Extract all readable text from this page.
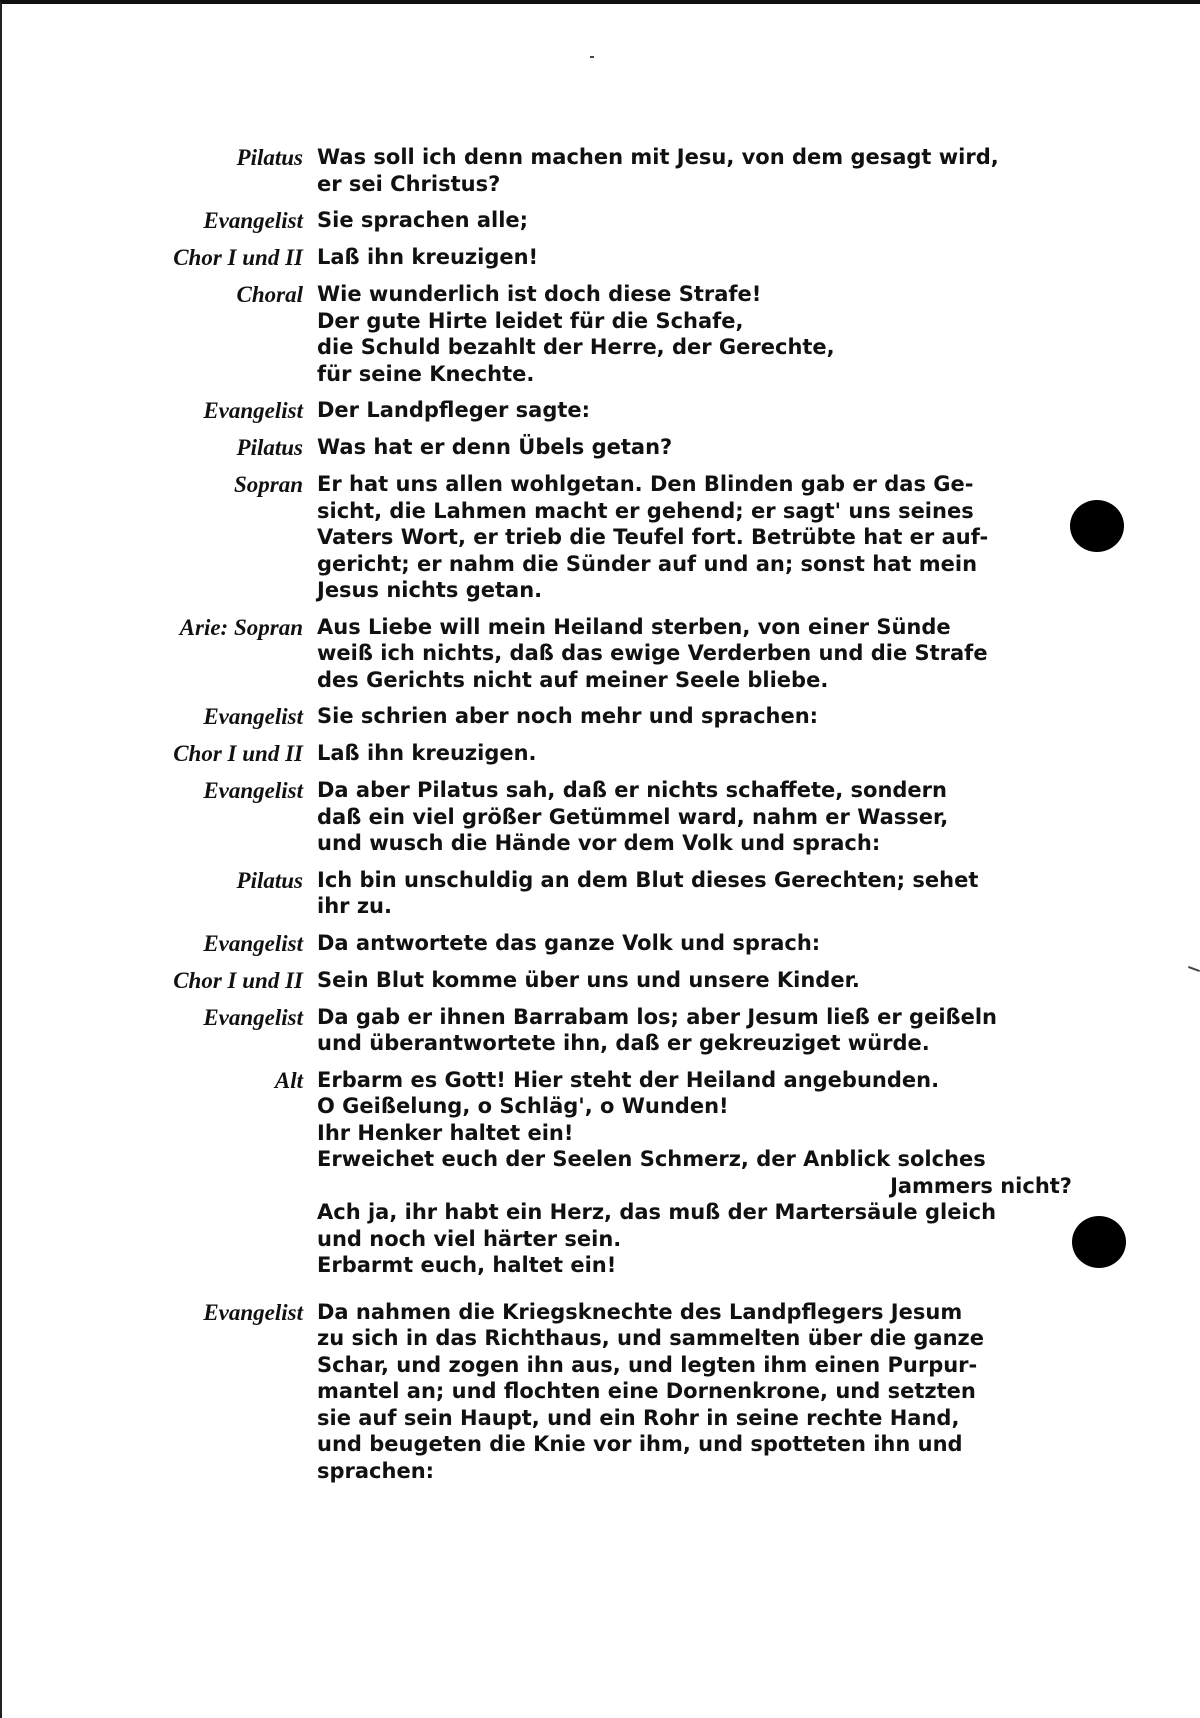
Pilatus Was soll ich denn machen mit Jesu, von dem gesagt wird,
er sei Christus?
Evangelist Sie sprachen alle;
Chor I und II Laß ihn kreuzigen!
Choral Wie wunderlich ist doch diese Strafe!
Der gute Hirte leidet für die Schafe,
die Schuld bezahlt der Herre, der Gerechte,
für seine Knechte.
Evangelist Der Landpfleger sagte:
Pilatus Was hat er denn Übels getan?
Sopran Er hat uns allen wohlgetan. Den Blinden gab er das Ge-
sicht, die Lahmen macht er gehend; er sagt' uns seines
Vaters Wort, er trieb die Teufel fort. Betrübte hat er auf-
gericht; er nahm die Sünder auf und an; sonst hat mein
Jesus nichts getan.
Arie: Sopran Aus Liebe will mein Heiland sterben, von einer Sünde
weiß ich nichts, daß das ewige Verderben und die Strafe
des Gerichts nicht auf meiner Seele bliebe.
Evangelist Sie schrien aber noch mehr und sprachen:
Chor I und II Laß ihn kreuzigen.
Evangelist Da aber Pilatus sah, daß er nichts schaffete, sondern
daß ein viel größer Getümmel ward, nahm er Wasser,
und wusch die Hände vor dem Volk und sprach:
Pilatus Ich bin unschuldig an dem Blut dieses Gerechten; sehet
ihr zu.
Evangelist Da antwortete das ganze Volk und sprach:
Chor I und II Sein Blut komme über uns und unsere Kinder.
Evangelist Da gab er ihnen Barrabam los; aber Jesum ließ er geißeln
und überantwortete ihn, daß er gekreuziget würde.
Alt Erbarm es Gott! Hier steht der Heiland angebunden.
O Geißelung, o Schläg', o Wunden!
Ihr Henker haltet ein!
Erweichet euch der Seelen Schmerz, der Anblick solches
Jammers nicht?
Ach ja, ihr habt ein Herz, das muß der Martersäule gleich
und noch viel härter sein.
Erbarmt euch, haltet ein!
Evangelist Da nahmen die Kriegsknechte des Landpflegers Jesum
zu sich in das Richthaus, und sammelten über die ganze
Schar, und zogen ihn aus, und legten ihm einen Purpur-
mantel an; und flochten eine Dornenkrone, und setzten
sie auf sein Haupt, und ein Rohr in seine rechte Hand,
und beugeten die Knie vor ihm, und spotteten ihn und
sprachen:
